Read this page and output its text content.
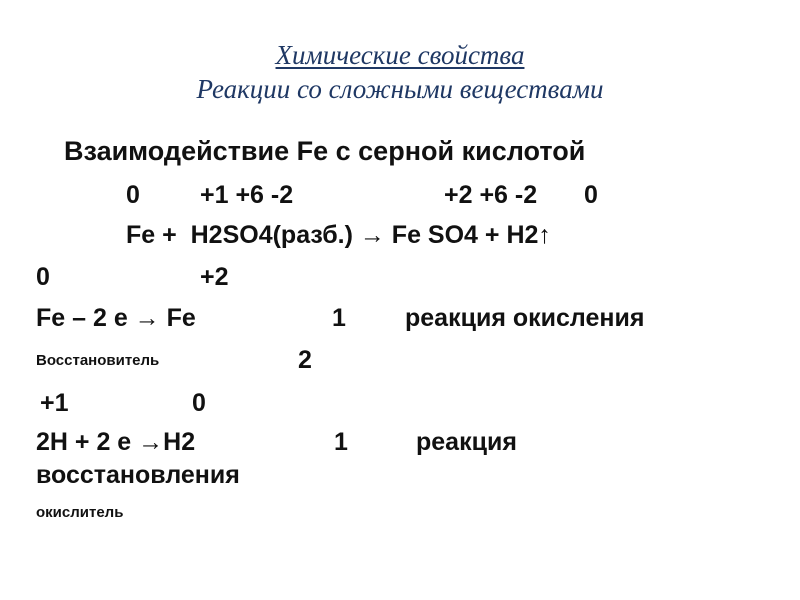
Химические свойства
Реакции со сложными веществами
Взаимодействие Fe с серной кислотой
0 +1 +6 -2	+2 +6 -2 0
Fe +  H2SO4(разб.) → Fe SO4 + H2↑
0	+2
Fe – 2 e → Fe	1 реакция окисления
Восстановитель	2
+1	0
2Н + 2 е →Н2	1	реакция
восстановления
окислитель
